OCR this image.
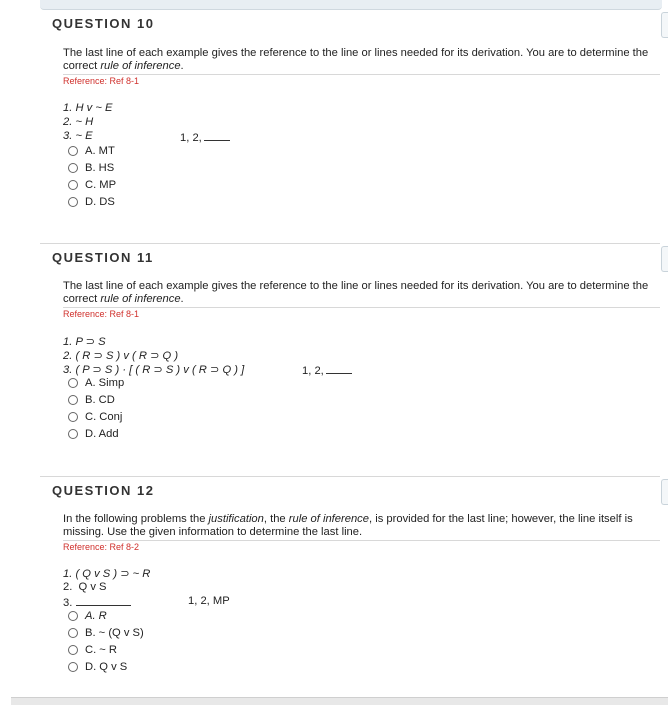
QUESTION 10
The last line of each example gives the reference to the line or lines needed for its derivation. You are to determine the correct rule of inference.
Reference: Ref 8-1
1. H v ~ E
2. ~ H
3. ~ E	1, 2,
A. MT
B. HS
C. MP
D. DS
QUESTION 11
The last line of each example gives the reference to the line or lines needed for its derivation. You are to determine the correct rule of inference.
Reference: Ref 8-1
1. P ⊃ S
2. ( R ⊃ S ) v ( R ⊃ Q )
3. ( P ⊃ S ) · [ ( R ⊃ S ) v ( R ⊃ Q ) ]	1, 2,
A. Simp
B. CD
C. Conj
D. Add
QUESTION 12
In the following problems the justification, the rule of inference, is provided for the last line; however, the line itself is missing. Use the given information to determine the last line.
Reference: Ref 8-2
1. ( Q v S ) ⊃ ~ R
2.  Q v S
3.	1, 2, MP
A. R
B. ~ (Q v S)
C. ~ R
D. Q v S
